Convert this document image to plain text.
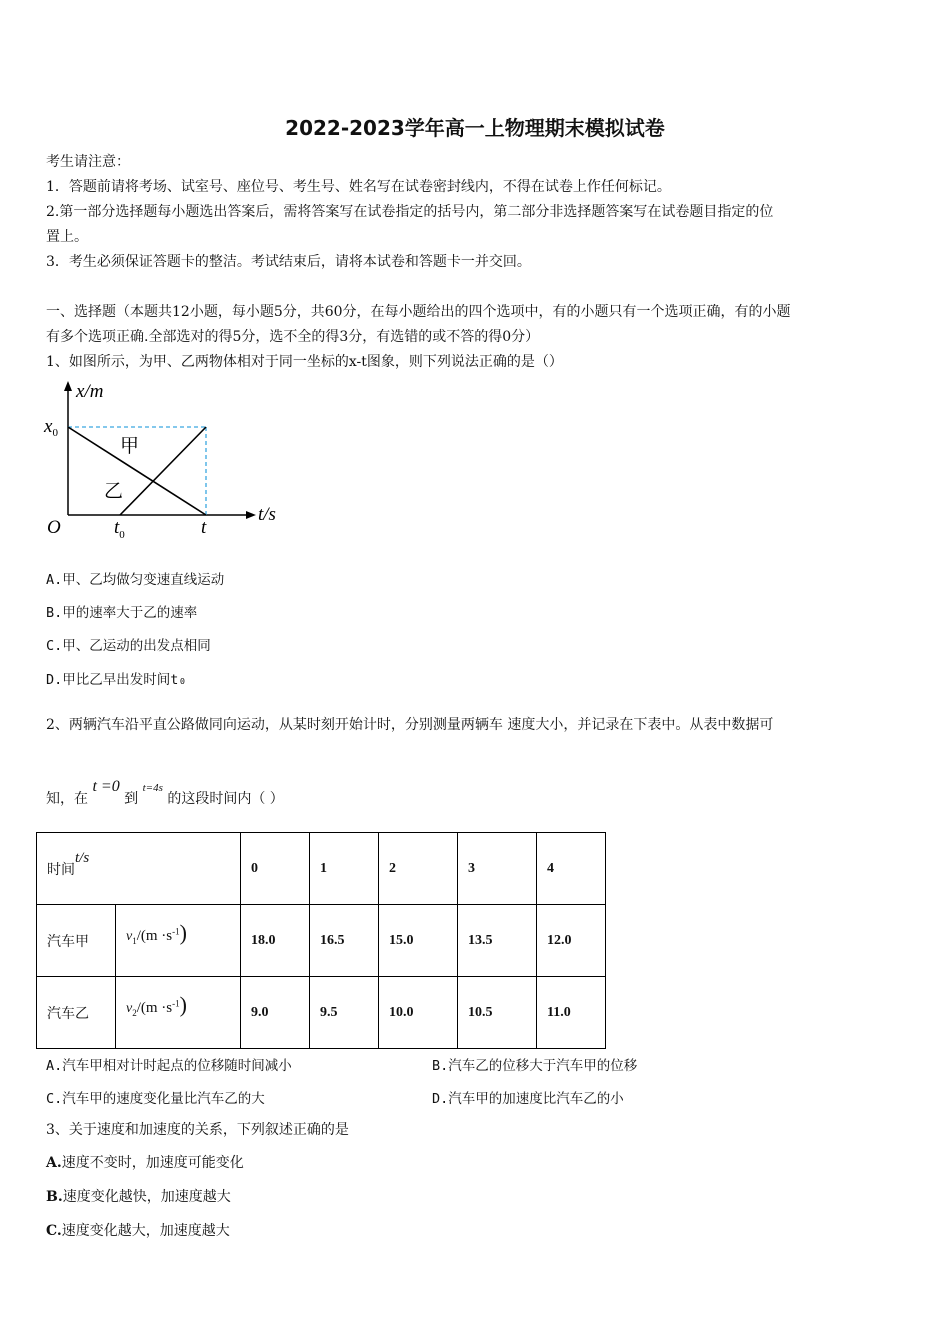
2022-2023学年高一上物理期末模拟试卷
考生请注意：
1．答题前请将考场、试室号、座位号、考生号、姓名写在试卷密封线内，不得在试卷上作任何标记。
2.第一部分选择题每小题选出答案后，需将答案写在试卷指定的括号内，第二部分非选择题答案写在试卷题目指定的位
置上。
3．考生必须保证答题卡的整洁。考试结束后，请将本试卷和答题卡一并交回。
一、选择题（本题共12小题，每小题5分，共60分，在每小题给出的四个选项中，有的小题只有一个选项正确，有的小题
有多个选项正确.全部选对的得5分，选不全的得3分，有选错的或不答的得0分）
1、如图所示，为甲、乙两物体相对于同一坐标的x-t图象，则下列说法正确的是（）
x/m
t/s
$x_0$
O	$t_0$	t
甲
乙
A.甲、乙均做匀变速直线运动
B.甲的速率大于乙的速率
C.甲、乙运动的出发点相同
D.甲比乙早出发时间t₀
2、两辆汽车沿平直公路做同向运动，从某时刻开始计时，分别测量两辆车 速度大小，并记录在下表中。从表中数据可
知，在 t =0 到 $^{t=4s}$ 的这段时间内（ ）
时间t/s		0	1	2	3	4
汽车甲	$v_1/(m \cdot s^{-1})$	18.0	16.5	15.0	13.5	12.0
汽车乙	$v_2/(m \cdot s^{-1})$	9.0	9.5	10.0	10.5	11.0
A.汽车甲相对计时起点的位移随时间减小	B.汽车乙的位移大于汽车甲的位移
C.汽车甲的速度变化量比汽车乙的大	D.汽车甲的加速度比汽车乙的小
3、关于速度和加速度的关系，下列叙述正确的是
A.速度不变时，加速度可能变化
B.速度变化越快，加速度越大
C.速度变化越大，加速度越大
